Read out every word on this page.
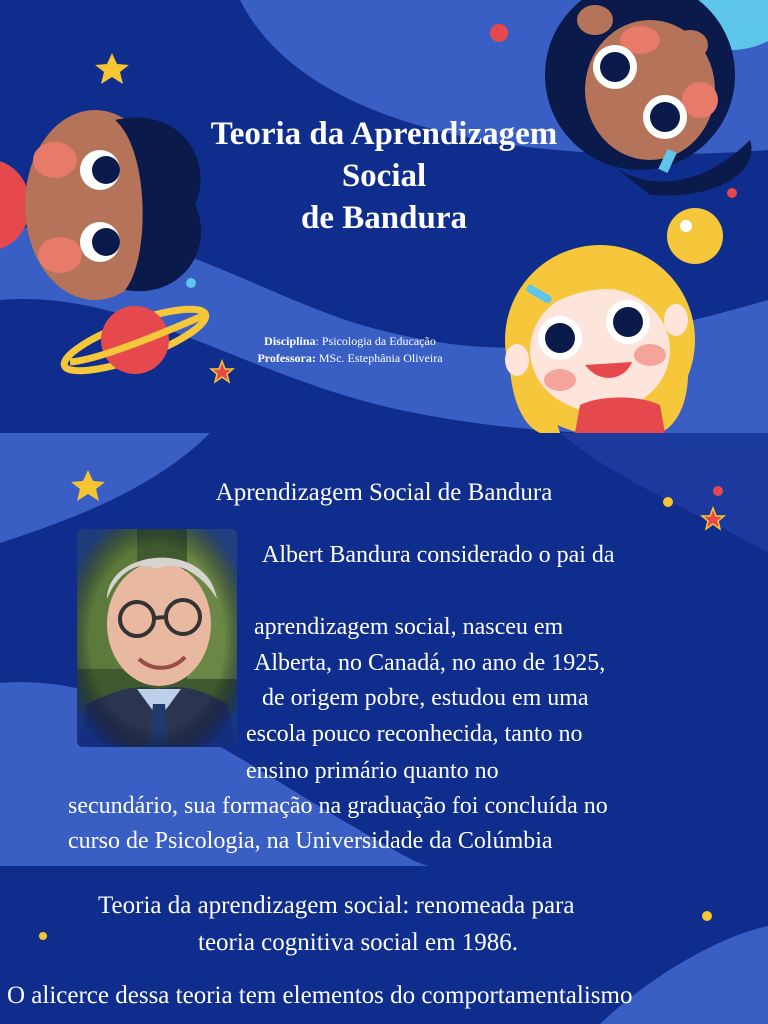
Teoria da Aprendizagem
Social
de Bandura
Disciplina: Psicologia da Educação
Professora: MSc. Estephânia Oliveira
Aprendizagem Social de Bandura
Albert Bandura considerado o pai da
aprendizagem social, nasceu em
Alberta, no Canadá, no ano de 1925,
de origem pobre, estudou em uma
escola pouco reconhecida, tanto no
ensino primário quanto no
secundário, sua formação na graduação foi concluída no
curso de Psicologia, na Universidade da Colúmbia
Teoria da aprendizagem social: renomeada para
teoria cognitiva social em 1986.
O alicerce dessa teoria tem elementos do comportamentalismo
